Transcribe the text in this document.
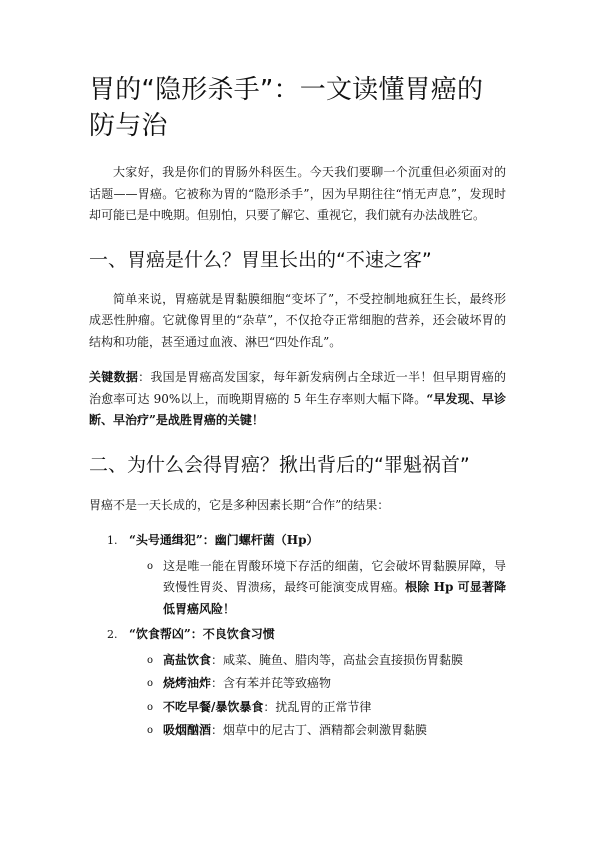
胃的“隐形杀手”：一文读懂胃癌的防与治

大家好，我是你们的胃肠外科医生。今天我们要聊一个沉重但必须面对的话题——胃癌。它被称为胃的“隐形杀手”，因为早期往往“悄无声息”，发现时却可能已是中晚期。但别怕，只要了解它、重视它，我们就有办法战胜它。

一、胃癌是什么？胃里长出的“不速之客”

简单来说，胃癌就是胃黏膜细胞“变坏了”，不受控制地疯狂生长，最终形成恶性肿瘤。它就像胃里的“杂草”，不仅抢夺正常细胞的营养，还会破坏胃的结构和功能，甚至通过血液、淋巴“四处作乱”。

关键数据：我国是胃癌高发国家，每年新发病例占全球近一半！但早期胃癌的治愈率可达 90%以上，而晚期胃癌的 5 年生存率则大幅下降。“早发现、早诊断、早治疗”是战胜胃癌的关键！

二、为什么会得胃癌？揪出背后的“罪魁祸首”

胃癌不是一天长成的，它是多种因素长期“合作”的结果：

1. “头号通缉犯”：幽门螺杆菌（Hp）
o 这是唯一能在胃酸环境下存活的细菌，它会破坏胃黏膜屏障，导致慢性胃炎、胃溃疡，最终可能演变成胃癌。根除 Hp 可显著降低胃癌风险！
2. “饮食帮凶”：不良饮食习惯
o 高盐饮食：咸菜、腌鱼、腊肉等，高盐会直接损伤胃黏膜
o 烧烤油炸：含有苯并芘等致癌物
o 不吃早餐/暴饮暴食：扰乱胃的正常节律
o 吸烟酗酒：烟草中的尼古丁、酒精都会刺激胃黏膜
